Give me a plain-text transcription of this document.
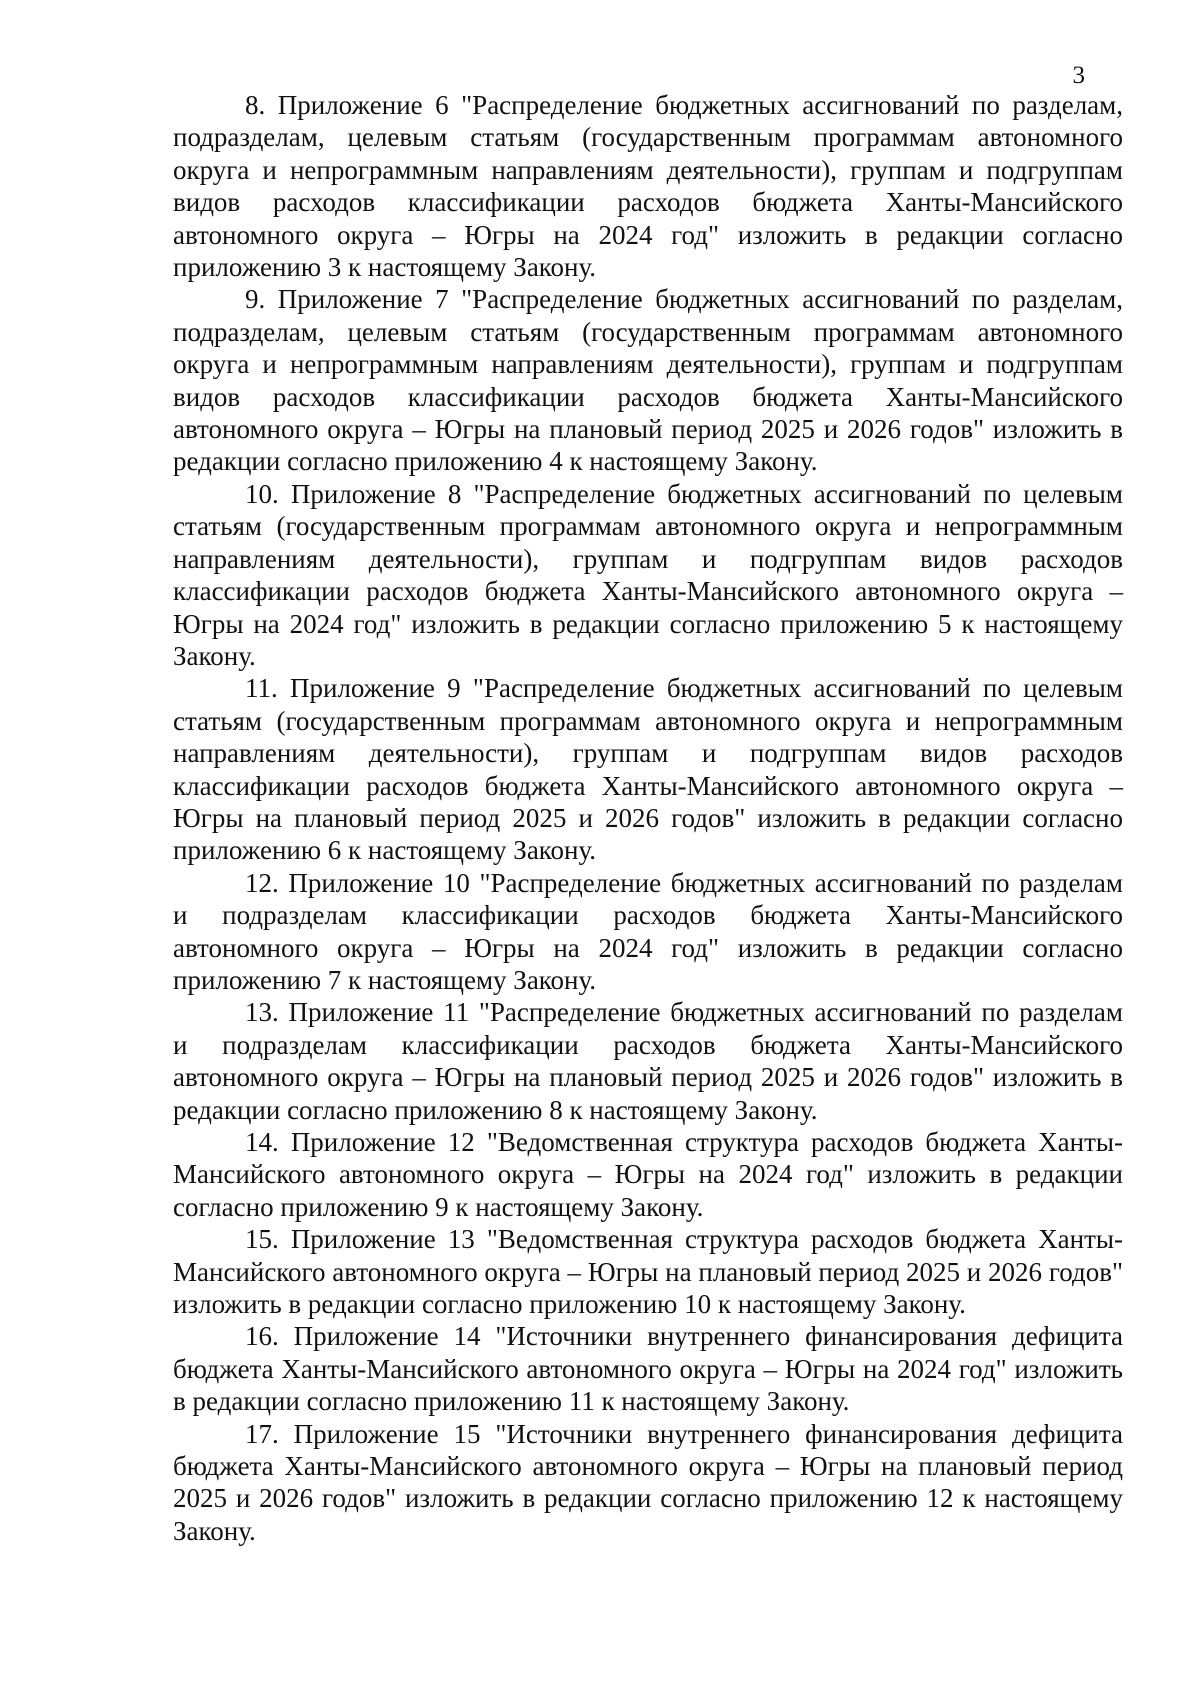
3

8. Приложение 6 "Распределение бюджетных ассигнований по разделам, подразделам, целевым статьям (государственным программам автономного округа и непрограммным направлениям деятельности), группам и подгруппам видов расходов классификации расходов бюджета Ханты-Мансийского автономного округа – Югры на 2024 год" изложить в редакции согласно приложению 3 к настоящему Закону.

9. Приложение 7 "Распределение бюджетных ассигнований по разделам, подразделам, целевым статьям (государственным программам автономного округа и непрограммным направлениям деятельности), группам и подгруппам видов расходов классификации расходов бюджета Ханты-Мансийского автономного округа – Югры на плановый период 2025 и 2026 годов" изложить в редакции согласно приложению 4 к настоящему Закону.

10. Приложение 8 "Распределение бюджетных ассигнований по целевым статьям (государственным программам автономного округа и непрограммным направлениям деятельности), группам и подгруппам видов расходов классификации расходов бюджета Ханты-Мансийского автономного округа – Югры на 2024 год" изложить в редакции согласно приложению 5 к настоящему Закону.

11. Приложение 9 "Распределение бюджетных ассигнований по целевым статьям (государственным программам автономного округа и непрограммным направлениям деятельности), группам и подгруппам видов расходов классификации расходов бюджета Ханты-Мансийского автономного округа – Югры на плановый период 2025 и 2026 годов" изложить в редакции согласно приложению 6 к настоящему Закону.

12. Приложение 10 "Распределение бюджетных ассигнований по разделам и подразделам классификации расходов бюджета Ханты-Мансийского автономного округа – Югры на 2024 год" изложить в редакции согласно приложению 7 к настоящему Закону.

13. Приложение 11 "Распределение бюджетных ассигнований по разделам и подразделам классификации расходов бюджета Ханты-Мансийского автономного округа – Югры на плановый период 2025 и 2026 годов" изложить в редакции согласно приложению 8 к настоящему Закону.

14. Приложение 12 "Ведомственная структура расходов бюджета Ханты-Мансийского автономного округа – Югры на 2024 год" изложить в редакции согласно приложению 9 к настоящему Закону.

15. Приложение 13 "Ведомственная структура расходов бюджета Ханты-Мансийского автономного округа – Югры на плановый период 2025 и 2026 годов" изложить в редакции согласно приложению 10 к настоящему Закону.

16. Приложение 14 "Источники внутреннего финансирования дефицита бюджета Ханты-Мансийского автономного округа – Югры на 2024 год" изложить в редакции согласно приложению 11 к настоящему Закону.

17. Приложение 15 "Источники внутреннего финансирования дефицита бюджета Ханты-Мансийского автономного округа – Югры на плановый период 2025 и 2026 годов" изложить в редакции согласно приложению 12 к настоящему Закону.
